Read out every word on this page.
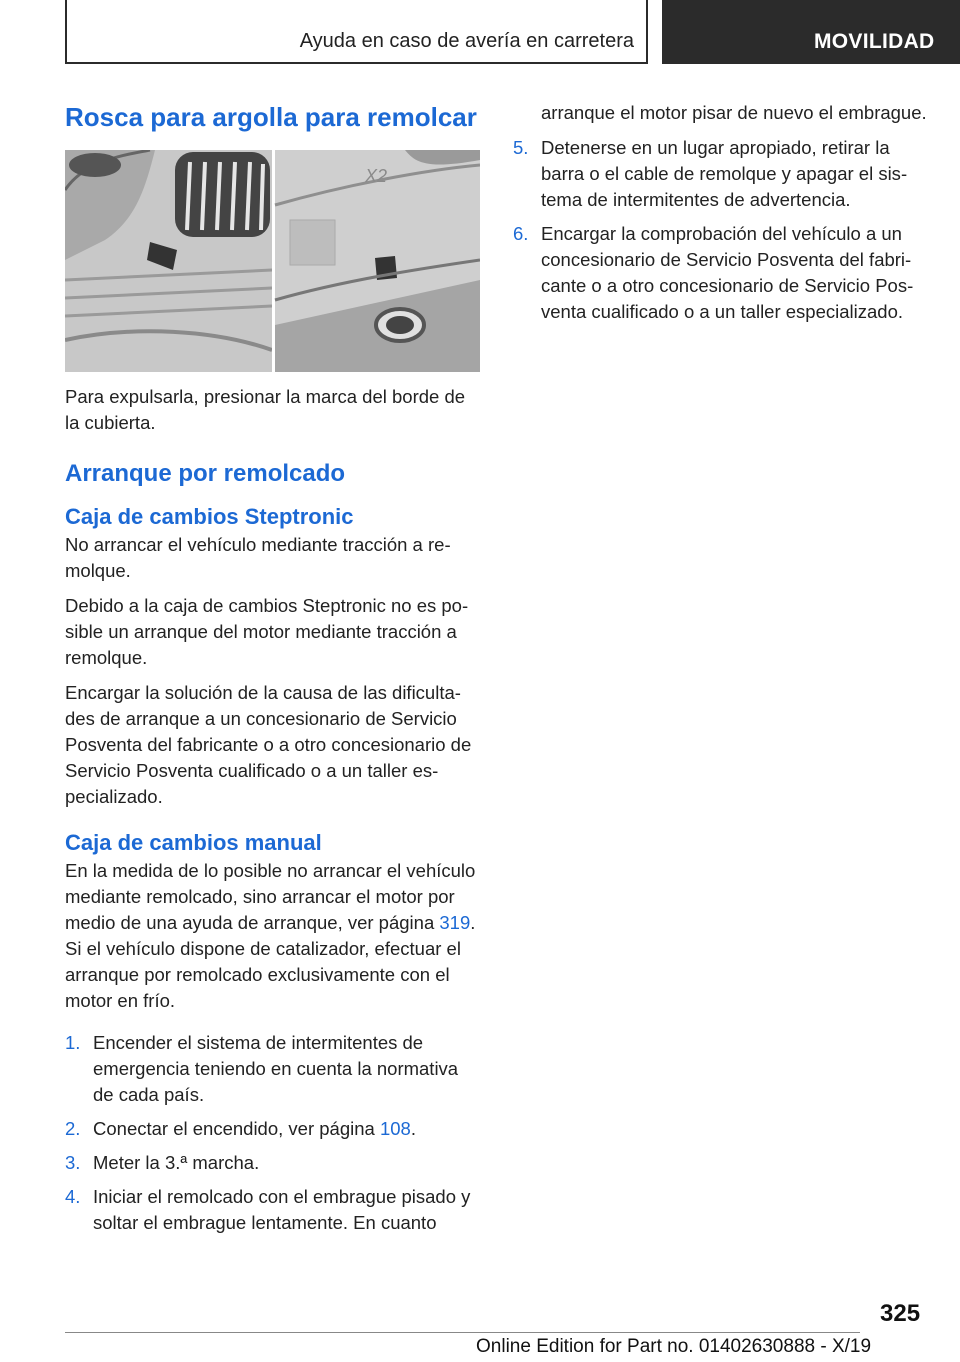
Ayuda en caso de avería en carretera	MOVILIDAD
Rosca para argolla para remolcar
X2

Para expulsarla, presionar la marca del borde de la cubierta.

Arranque por remolcado
Caja de cambios Steptronic

No arrancar el vehículo mediante tracción a remolque.

Debido a la caja de cambios Steptronic no es posible un arranque del motor mediante tracción a remolque.

Encargar la solución de la causa de las dificultades de arranque a un concesionario de Servicio Posventa del fabricante o a otro concesionario de Servicio Posventa cualificado o a un taller especializado.

Caja de cambios manual

En la medida de lo posible no arrancar el vehículo mediante remolcado, sino arrancar el motor por medio de una ayuda de arranque, ver página 319. Si el vehículo dispone de catalizador, efectuar el arranque por remolcado exclusivamente con el motor en frío.

1. Encender el sistema de intermitentes de emergencia teniendo en cuenta la normativa de cada país.
2. Conectar el encendido, ver página 108.
3. Meter la 3.ª marcha.
4. Iniciar el remolcado con el embrague pisado y soltar el embrague lentamente. En cuanto

arranque el motor pisar de nuevo el embrague.

5. Detenerse en un lugar apropiado, retirar la barra o el cable de remolque y apagar el sistema de intermitentes de advertencia.
6. Encargar la comprobación del vehículo a un concesionario de Servicio Posventa del fabricante o a otro concesionario de Servicio Posventa cualificado o a un taller especializado.
325
Online Edition for Part no. 01402630888 - X/19
